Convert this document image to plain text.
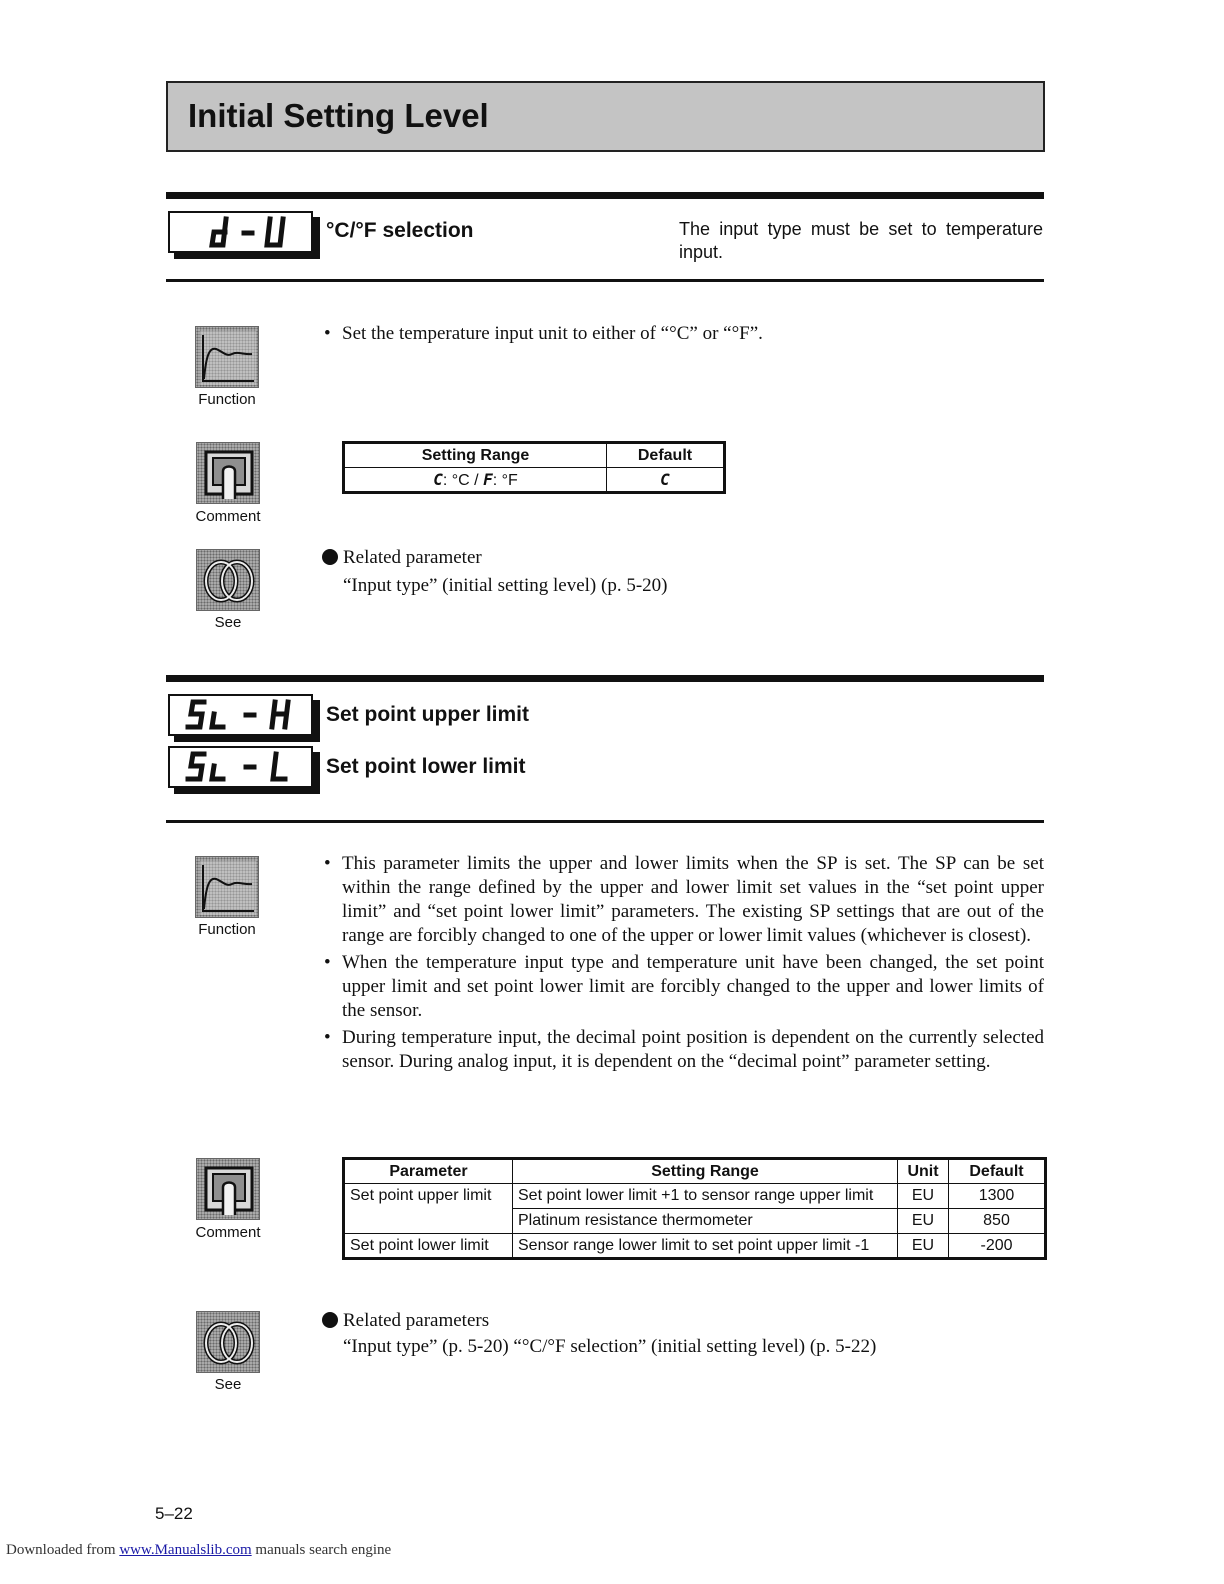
Initial Setting Level
°C/°F selection	The input type must be set to temperature input.
Function
• Set the temperature input unit to either of “°C” or “°F”.
Comment
Setting Range	Default
C: °C / F: °F	C
See
Related parameter
“Input type” (initial setting level) (p. 5-20)
Set point upper limit
Set point lower limit
Function
• This parameter limits the upper and lower limits when the SP is set. The SP can be set within the range defined by the upper and lower limit set values in the “set point upper limit” and “set point lower limit” parameters. The existing SP settings that are out of the range are forcibly changed to one of the upper or lower limit values (whichever is closest).
• When the temperature input type and temperature unit have been changed, the set point upper limit and set point lower limit are forcibly changed to the upper and lower limits of the sensor.
• During temperature input, the decimal point position is dependent on the currently selected sensor. During analog input, it is dependent on the “decimal point” parameter setting.
Comment
Parameter	Setting Range	Unit	Default
Set point upper limit	Set point lower limit +1 to sensor range upper limit	EU	1300
	Platinum resistance thermometer	EU	850
Set point lower limit	Sensor range lower limit to set point upper limit -1	EU	-200
See
Related parameters
“Input type” (p. 5-20) “°C/°F selection” (initial setting level) (p. 5-22)
5–22
Downloaded from www.Manualslib.com manuals search engine
